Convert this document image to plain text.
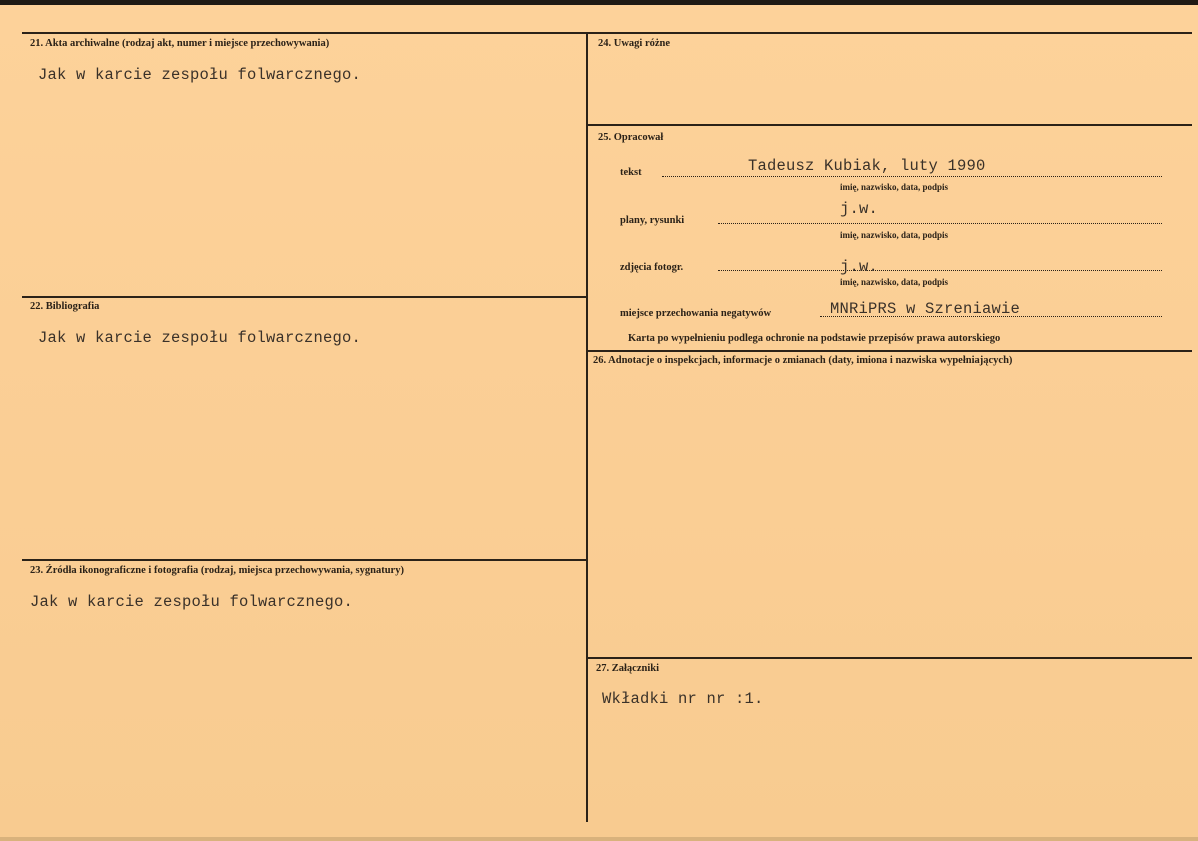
21. Akta archiwalne (rodzaj akt, numer i miejsce przechowywania)
Jak w karcie zespołu folwarcznego.
22. Bibliografia
Jak w karcie zespołu folwarcznego.
23. Źródła ikonograficzne i fotografia (rodzaj, miejsca przechowywania, sygnatury)
Jak w karcie zespołu folwarcznego.
24. Uwagi różne
25. Opracował
tekst	Tadeusz Kubiak, luty 1990
imię, nazwisko, data, podpis
plany, rysunki
j.w.
imię, nazwisko, data, podpis
zdjęcia fotogr.	j.w.
imię, nazwisko, data, podpis
miejsce przechowania negatywów	MNRiPRS w Szreniawie
Karta po wypełnieniu podlega ochronie na podstawie przepisów prawa autorskiego
26. Adnotacje o inspekcjach, informacje o zmianach (daty, imiona i nazwiska wypełniających)
27. Załączniki
Wkładki nr nr :1.
